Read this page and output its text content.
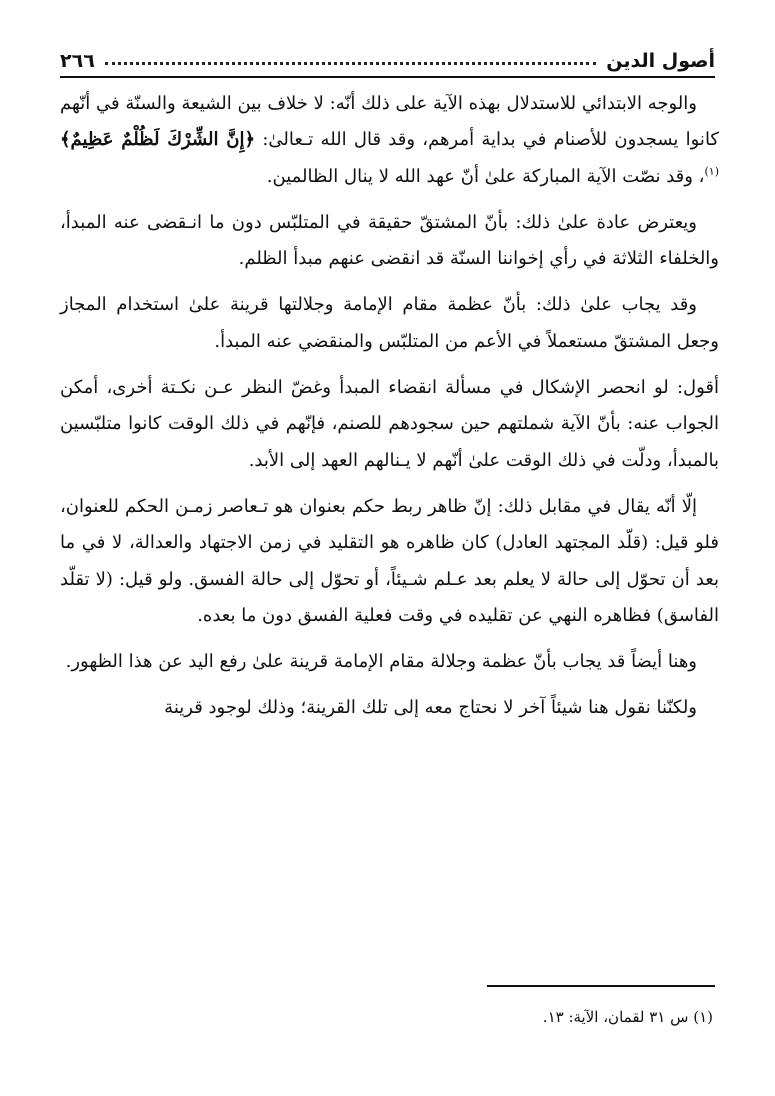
أصول الدين
٢٦٦

والوجه الابتدائي للاستدلال بهذه الآية على ذلك أنّه: لا خلاف بين الشيعة والسنّة في أنّهم كانوا يسجدون للأصنام في بداية أمرهم، وقد قال الله تـعالىٰ: ﴿إِنَّ الشِّرْكَ لَظُلْمٌ عَظِيمٌ﴾$^{(١)}$، وقد نصّت الآية المباركة علىٰ أنّ عهد الله لا ينال الظالمين.

ويعترض عادة علىٰ ذلك: بأنّ المشتقّ حقيقة في المتلبّس دون ما انـقضى عنه المبدأ، والخلفاء الثلاثة في رأي إخواننا السنّة قد انقضى عنهم مبدأ الظلم.

وقد يجاب علىٰ ذلك: بأنّ عظمة مقام الإمامة وجلالتها قرينة علىٰ استخدام المجاز وجعل المشتقّ مستعملاً في الأعم من المتلبّس والمنقضي عنه المبدأ.

أقول: لو انحصر الإشكال في مسألة انقضاء المبدأ وغضّ النظر عـن نكـتة أخرى، أمكن الجواب عنه: بأنّ الآية شملتهم حين سجودهم للصنم، فإنّهم في ذلك الوقت كانوا متلبّسين بالمبدأ، ودلّت في ذلك الوقت علىٰ أنّهم لا يـنالهم العهد إلى الأبد.

إلّا أنّه يقال في مقابل ذلك: إنّ ظاهر ربط حكم بعنوان هو تـعاصر زمـن الحكم للعنوان، فلو قيل: (قلّد المجتهد العادل) كان ظاهره هو التقليد في زمن الاجتهاد والعدالة، لا في ما بعد أن تحوّل إلى حالة لا يعلم بعد عـلم شـيئاً، أو تحوّل إلى حالة الفسق. ولو قيل: (لا تقلّد الفاسق) فظاهره النهي عن تقليده في وقت فعلية الفسق دون ما بعده.

وهنا أيضاً قد يجاب بأنّ عظمة وجلالة مقام الإمامة قرينة علىٰ رفع اليد عن هذا الظهور.

ولكنّنا نقول هنا شيئاً آخر لا نحتاج معه إلى تلك القرينة؛ وذلك لوجود قرينة

(١) س ٣١ لقمان، الآية: ١٣.
